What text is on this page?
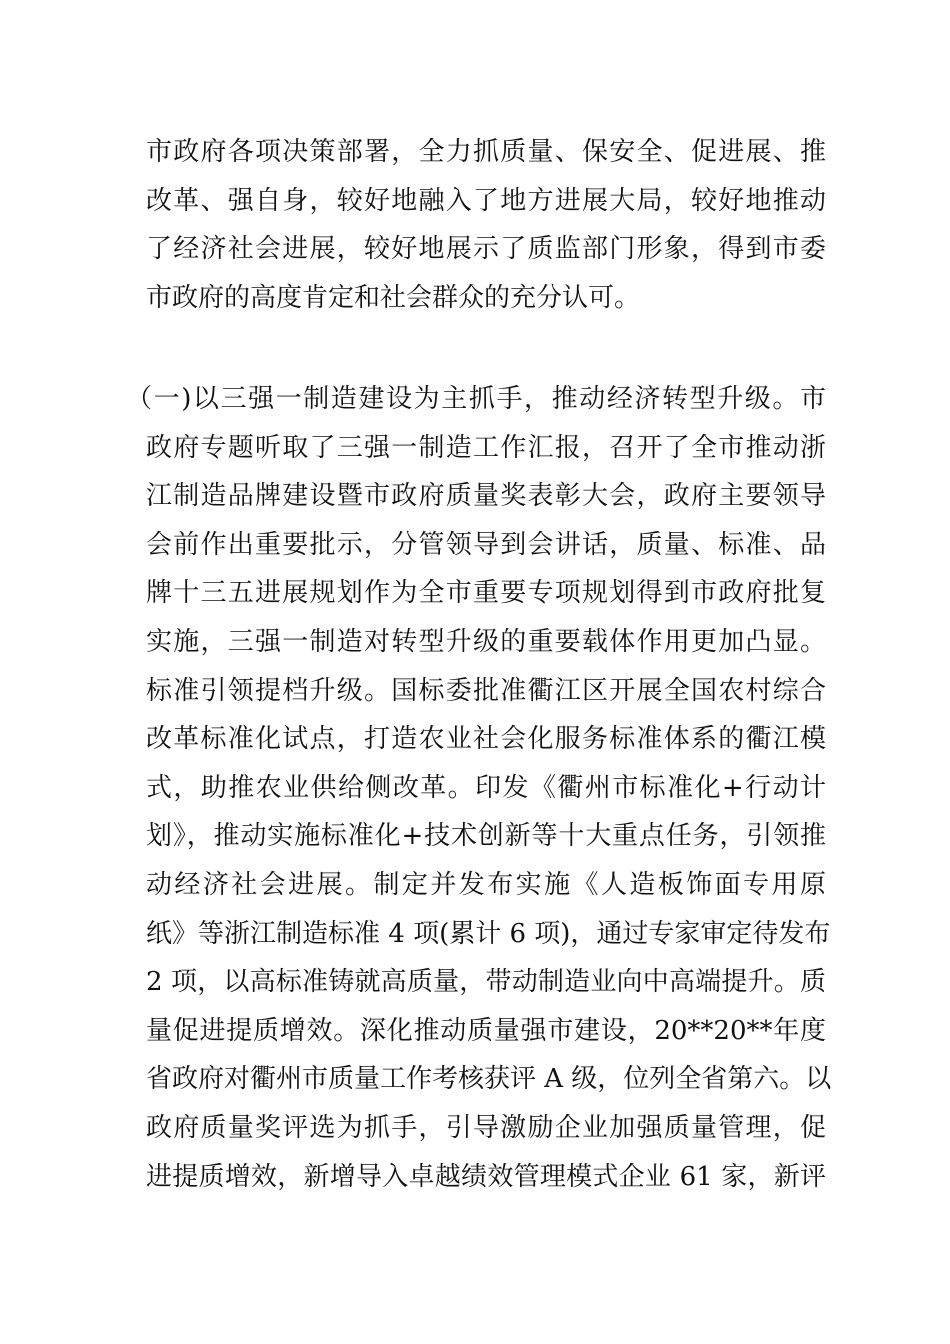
市政府各项决策部署，全力抓质量、保安全、促进展、推
改革、强自身，较好地融入了地方进展大局，较好地推动
了经济社会进展，较好地展示了质监部门形象，得到市委
市政府的高度肯定和社会群众的充分认可。
（一)以三强一制造建设为主抓手，推动经济转型升级。市
政府专题听取了三强一制造工作汇报，召开了全市推动浙
江制造品牌建设暨市政府质量奖表彰大会，政府主要领导
会前作出重要批示，分管领导到会讲话，质量、标准、品
牌十三五进展规划作为全市重要专项规划得到市政府批复
实施，三强一制造对转型升级的重要载体作用更加凸显。
标准引领提档升级。国标委批准衢江区开展全国农村综合
改革标准化试点，打造农业社会化服务标准体系的衢江模
式，助推农业供给侧改革。印发《衢州市标准化+行动计
划》，推动实施标准化+技术创新等十大重点任务，引领推
动经济社会进展。制定并发布实施《人造板饰面专用原
纸》等浙江制造标准 4 项(累计 6 项)，通过专家审定待发布
2 项，以高标准铸就高质量，带动制造业向中高端提升。质
量促进提质增效。深化推动质量强市建设，20**20**年度
省政府对衢州市质量工作考核获评 A 级，位列全省第六。以
政府质量奖评选为抓手，引导激励企业加强质量管理，促
进提质增效，新增导入卓越绩效管理模式企业 61 家，新评
